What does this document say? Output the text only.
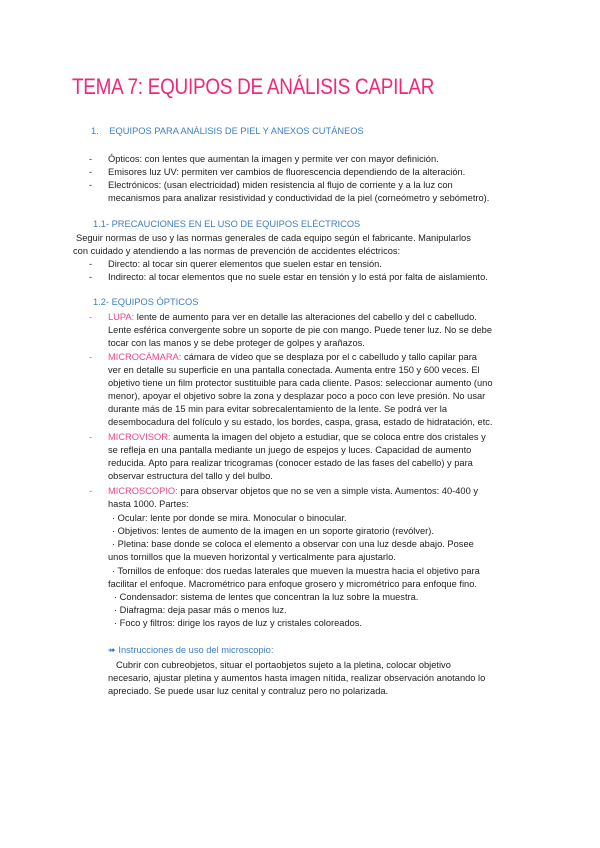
TEMA 7: EQUIPOS DE ANÁLISIS CAPILAR
1. EQUIPOS PARA ANÁLISIS DE PIEL Y ANEXOS CUTÁNEOS
- Ópticos: con lentes que aumentan la imagen y permite ver con mayor definición.
- Emisores luz UV: permiten ver cambios de fluorescencia dependiendo de la alteración.
- Electrónicos: (usan electricidad) miden resistencia al flujo de corriente y a la luz con
mecanismos para analizar resistividad y conductividad de la piel (corneómetro y sebómetro).
1.1- PRECAUCIONES EN EL USO DE EQUIPOS ELÉCTRICOS
Seguir normas de uso y las normas generales de cada equipo según el fabricante. Manipularlos
con cuidado y atendiendo a las normas de prevención de accidentes eléctricos:
- Directo: al tocar sin querer elementos que suelen estar en tensión.
- Indirecto: al tocar elementos que no suele estar en tensión y lo está por falta de aislamiento.
1.2- EQUIPOS ÓPTICOS
- LUPA: lente de aumento para ver en detalle las alteraciones del cabello y del c cabelludo.
Lente esférica convergente sobre un soporte de pie con mango. Puede tener luz. No se debe
tocar con las manos y se debe proteger de golpes y arañazos.
- MICROCÁMARA: cámara de vídeo que se desplaza por el c cabelludo y tallo capilar para
ver en detalle su superficie en una pantalla conectada. Aumenta entre 150 y 600 veces. El
objetivo tiene un film protector sustituible para cada cliente. Pasos: seleccionar aumento (uno
menor), apoyar el objetivo sobre la zona y desplazar poco a poco con leve presión. No usar
durante más de 15 min para evitar sobrecalentamiento de la lente. Se podrá ver la
desembocadura del folículo y su estado, los bordes, caspa, grasa, estado de hidratación, etc.
- MICROVISOR: aumenta la imagen del objeto a estudiar, que se coloca entre dos cristales y
se refleja en una pantalla mediante un juego de espejos y luces. Capacidad de aumento
reducida. Apto para realizar tricogramas (conocer estado de las fases del cabello) y para
observar estructura del tallo y del bulbo.
- MICROSCOPIO: para observar objetos que no se ven a simple vista. Aumentos: 40-400 y
hasta 1000. Partes:
· Ocular: lente por donde se mira. Monocular o binocular.
· Objetivos: lentes de aumento de la imagen en un soporte giratorio (revólver).
· Pletina: base donde se coloca el elemento a observar con una luz desde abajo. Posee
unos tornillos que la mueven horizontal y verticalmente para ajustarlo.
· Tornillos de enfoque: dos ruedas laterales que mueven la muestra hacia el objetivo para
facilitar el enfoque. Macrométrico para enfoque grosero y micrométrico para enfoque fino.
· Condensador: sistema de lentes que concentran la luz sobre la muestra.
· Diafragma: deja pasar más o menos luz.
· Foco y filtros: dirige los rayos de luz y cristales coloreados.
➠ Instrucciones de uso del microscopio:
Cubrir con cubreobjetos, situar el portaobjetos sujeto a la pletina, colocar objetivo
necesario, ajustar pletina y aumentos hasta imagen nítida, realizar observación anotando lo
apreciado. Se puede usar luz cenital y contraluz pero no polarizada.
